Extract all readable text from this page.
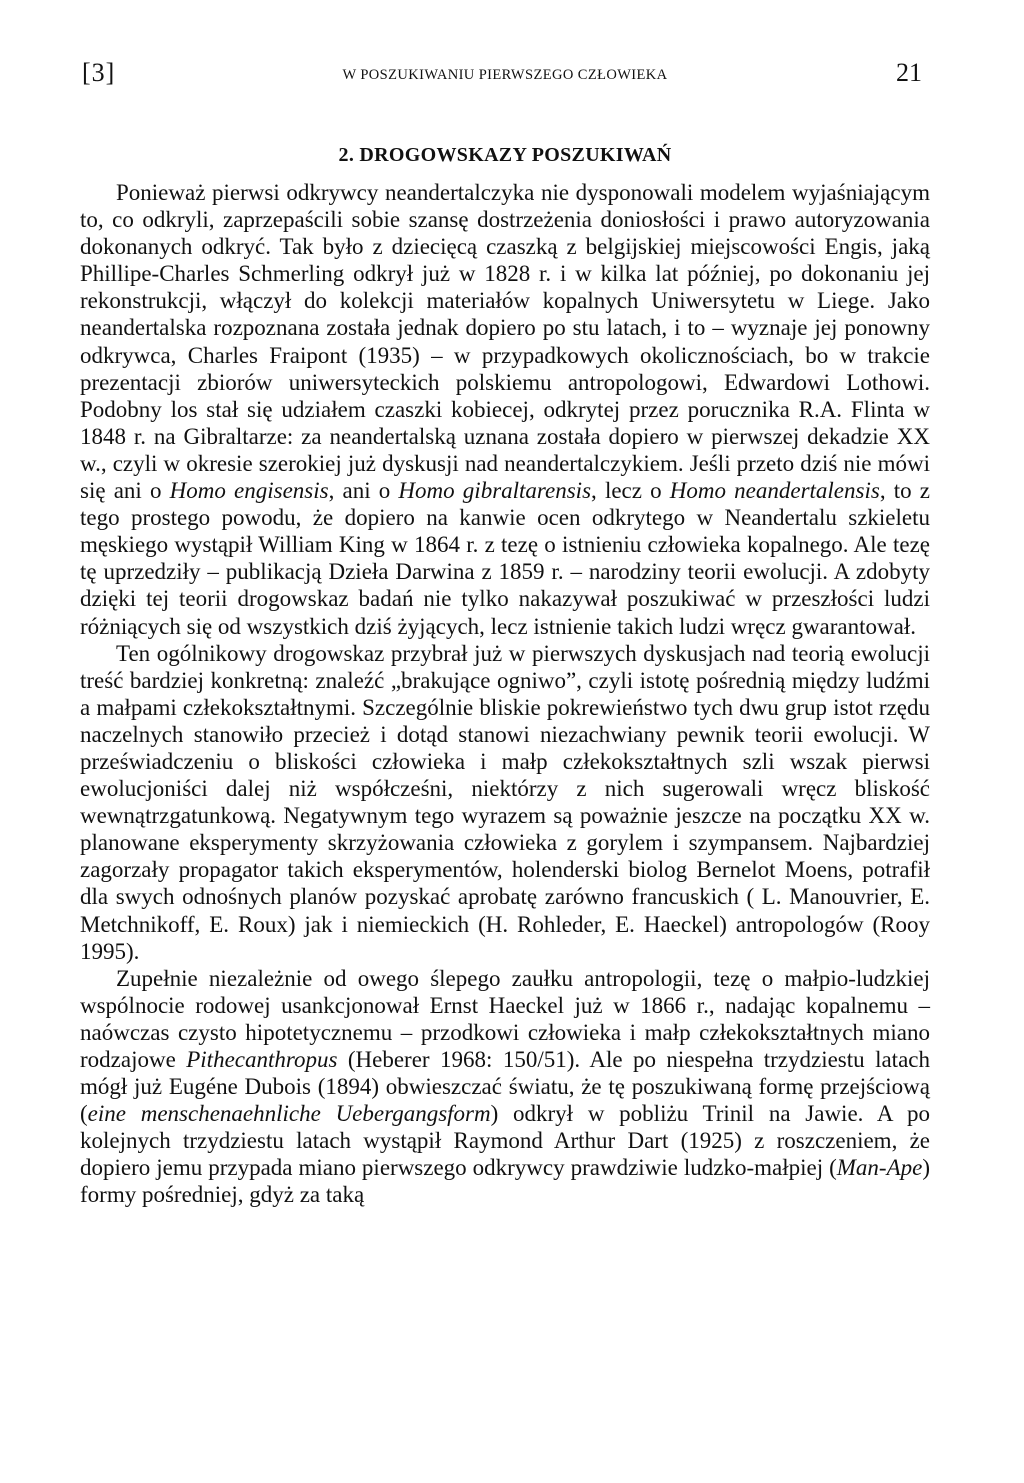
[3]	W POSZUKIWANIU PIERWSZEGO CZŁOWIEKA	21
2. DROGOWSKAZY POSZUKIWAŃ

Ponieważ pierwsi odkrywcy neandertalczyka nie dysponowali modelem wyjaśniającym to, co odkryli, zaprzepaścili sobie szansę dostrzeżenia doniosłości i prawo autoryzowania dokonanych odkryć. Tak było z dziecięcą czaszką z belgijskiej miejscowości Engis, jaką Phillipe-Charles Schmerling odkrył już w 1828 r. i w kilka lat później, po dokonaniu jej rekonstrukcji, włączył do kolekcji materiałów kopalnych Uniwersytetu w Liege. Jako neandertalska rozpoznana została jednak dopiero po stu latach, i to – wyznaje jej ponowny odkrywca, Charles Fraipont (1935) – w przypadkowych okolicznościach, bo w trakcie prezentacji zbiorów uniwersyteckich polskiemu antropologowi, Edwardowi Lothowi. Podobny los stał się udziałem czaszki kobiecej, odkrytej przez porucznika R.A. Flinta w 1848 r. na Gibraltarze: za neandertalską uznana została dopiero w pierwszej dekadzie XX w., czyli w okresie szerokiej już dyskusji nad neandertalczykiem. Jeśli przeto dziś nie mówi się ani o Homo engisensis, ani o Homo gibraltarensis, lecz o Homo neandertalensis, to z tego prostego powodu, że dopiero na kanwie ocen odkrytego w Neandertalu szkieletu męskiego wystąpił William King w 1864 r. z tezę o istnieniu człowieka kopalnego. Ale tezę tę uprzedziły – publikacją Dzieła Darwina z 1859 r. – narodziny teorii ewolucji. A zdobyty dzięki tej teorii drogowskaz badań nie tylko nakazywał poszukiwać w przeszłości ludzi różniących się od wszystkich dziś żyjących, lecz istnienie takich ludzi wręcz gwarantował.

Ten ogólnikowy drogowskaz przybrał już w pierwszych dyskusjach nad teorią ewolucji treść bardziej konkretną: znaleźć „brakujące ogniwo”, czyli istotę pośrednią między ludźmi a małpami człekokształtnymi. Szczególnie bliskie pokrewieństwo tych dwu grup istot rzędu naczelnych stanowiło przecież i dotąd stanowi niezachwiany pewnik teorii ewolucji. W przeświadczeniu o bliskości człowieka i małp człekokształtnych szli wszak pierwsi ewolucjoniści dalej niż współcześni, niektórzy z nich sugerowali wręcz bliskość wewnątrzgatunkową. Negatywnym tego wyrazem są poważnie jeszcze na początku XX w. planowane eksperymenty skrzyżowania człowieka z gorylem i szympansem. Najbardziej zagorzały propagator takich eksperymentów, holenderski biolog Bernelot Moens, potrafił dla swych odnośnych planów pozyskać aprobatę zarówno francuskich ( L. Manouvrier, E. Metchnikoff, E. Roux) jak i niemieckich (H. Rohleder, E. Haeckel) antropologów (Rooy 1995).

Zupełnie niezależnie od owego ślepego zaułku antropologii, tezę o małpio-ludzkiej wspólnocie rodowej usankcjonował Ernst Haeckel już w 1866 r., nadając kopalnemu – naówczas czysto hipotetycznemu – przodkowi człowieka i małp człekokształtnych miano rodzajowe Pithecanthropus (Heberer 1968: 150/51). Ale po niespełna trzydziestu latach mógł już Eugéne Dubois (1894) obwieszczać światu, że tę poszukiwaną formę przejściową (eine menschenaehnliche Uebergangsform) odkrył w pobliżu Trinil na Jawie. A po kolejnych trzydziestu latach wystąpił Raymond Arthur Dart (1925) z roszczeniem, że dopiero jemu przypada miano pierwszego odkrywcy prawdziwie ludzko-małpiej (Man-Ape) formy pośredniej, gdyż za taką
